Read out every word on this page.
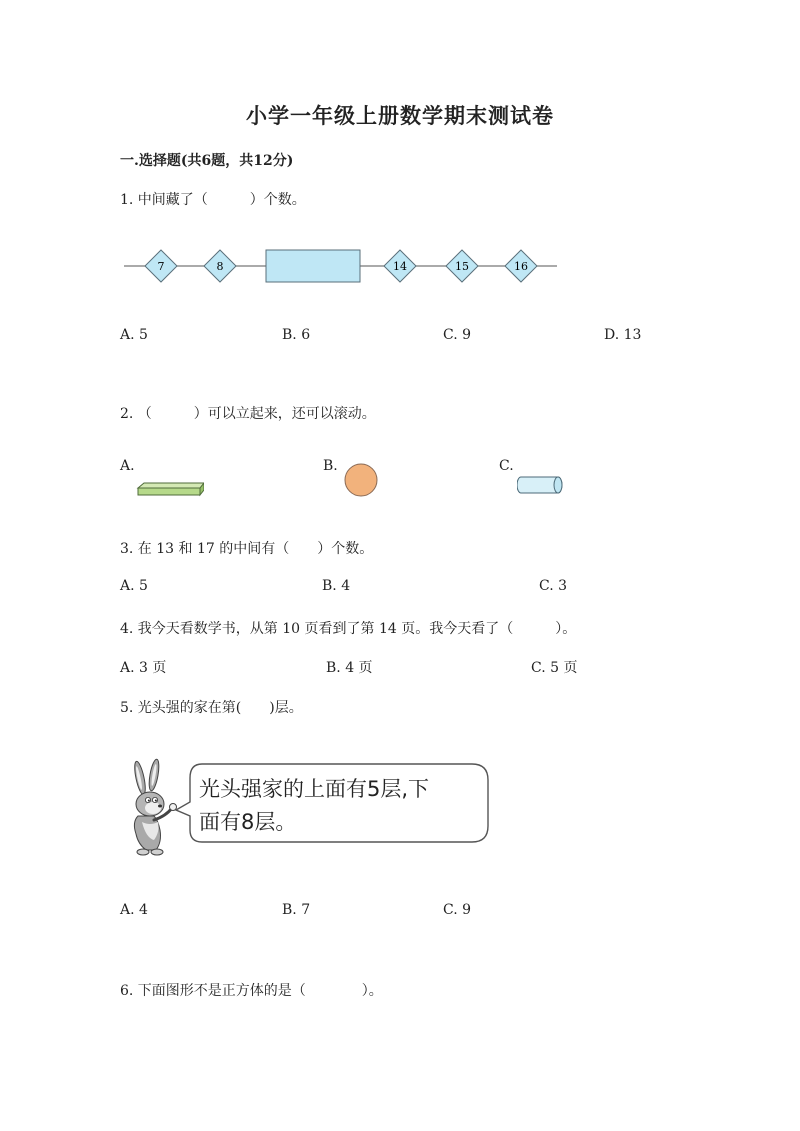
小学一年级上册数学期末测试卷
一.选择题(共6题，共12分)
1. 中间藏了（　　　）个数。
7	8	14	15	16
A. 5	B. 6	C. 9	D. 13
2. （　　　）可以立起来，还可以滚动。
A.	B.	C.
3. 在 13 和 17 的中间有（　　）个数。
A. 5	B. 4	C. 3
4. 我今天看数学书，从第 10 页看到了第 14 页。我今天看了（　　　）。
A. 3 页	B. 4 页	C. 5 页
5. 光头强的家在第(　　)层。
光头强家的上面有5层,下
面有8层。
A. 4	B. 7	C. 9
6. 下面图形不是正方体的是（　　　　）。
